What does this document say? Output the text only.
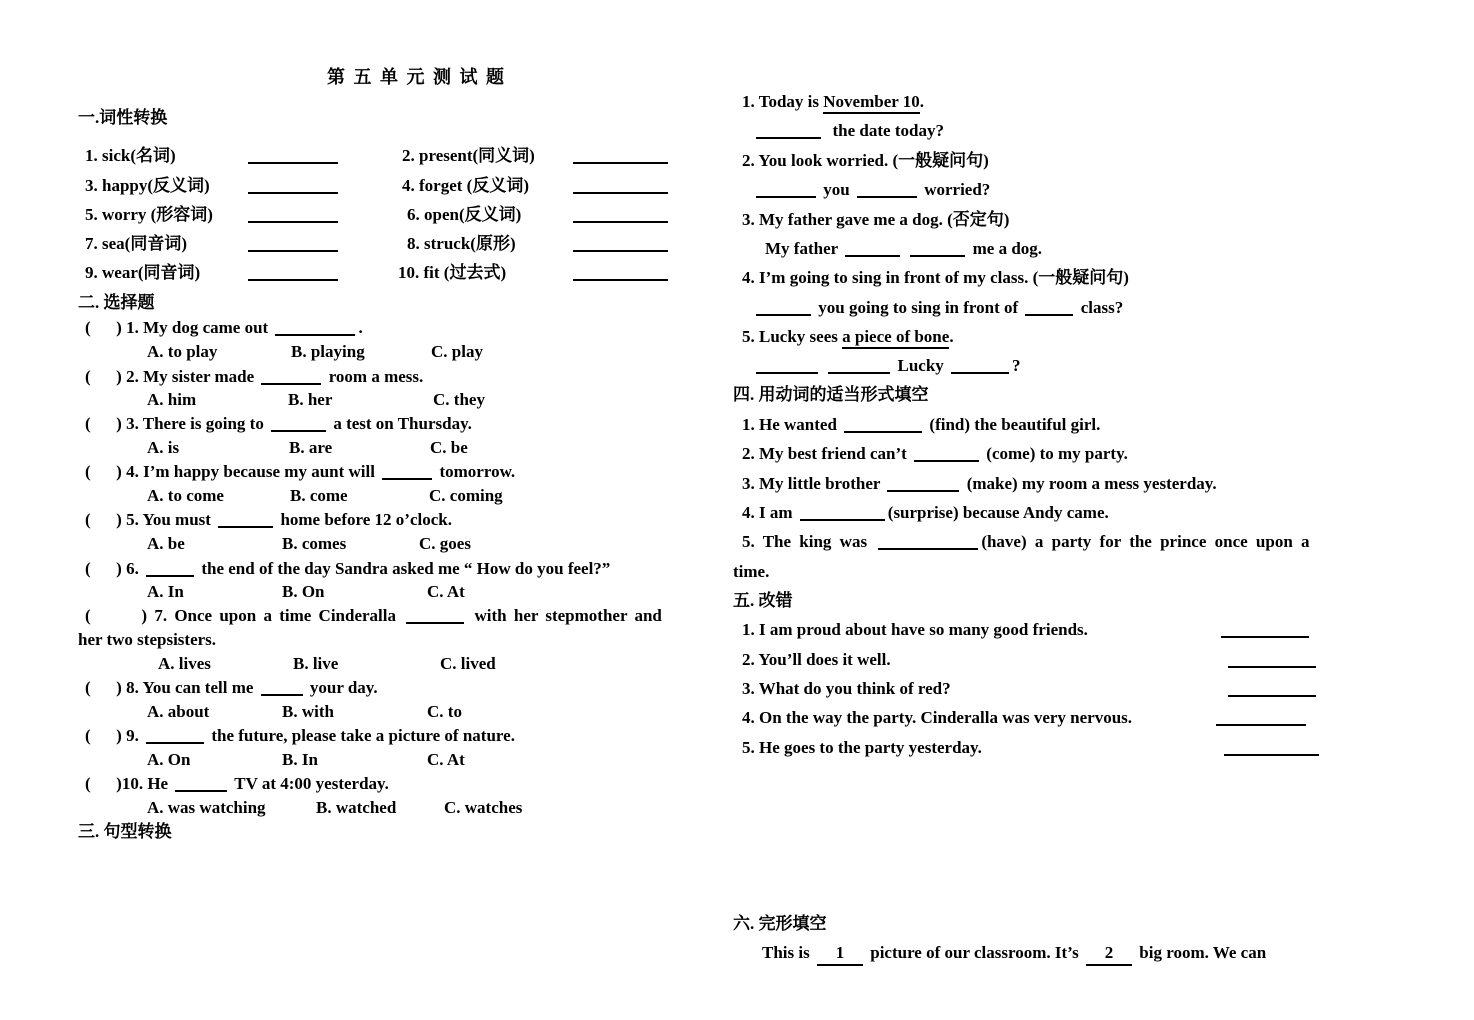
第 五 单 元 测 试 题
一.词性转换
1. sick(名词)	2. present(同义词)
3. happy(反义词)	4. forget (反义词)
5. worry (形容词)	6. open(反义词)
7. sea(同音词)	8. struck(原形)
9. wear(同音词)	10. fit (过去式)
二. 选择题
(      ) 1. My dog came out	.
A. to play	B. playing	C. play
(      ) 2. My sister made	room a mess.
A. him	B. her	C. they
(      ) 3. There is going to	a test on Thursday.
A. is	B. are	C. be
(      ) 4. I’m happy because my aunt will	tomorrow.
A. to come	B. come	C. coming
(      ) 5. You must	home before 12 o’clock.
A. be	B. comes	C. goes
(      ) 6.	the end of the day Sandra asked me “ How do you feel?”
A. In	B. On	C. At
(       ) 7. Once upon a time Cinderalla	with her stepmother and
her two stepsisters.
A. lives	B. live	C. lived
(      ) 8. You can tell me	your day.
A. about	B. with	C. to
(      ) 9.	the future, please take a picture of nature.
A. On	B. In	C. At
(      )10. He	TV at 4:00 yesterday.
A. was watching	B. watched	C. watches
三. 句型转换
1. Today is November 10.
the date today?
2. You look worried. (一般疑问句)
you	worried?
3. My father gave me a dog. (否定句)
My father	me a dog.
4. I’m going to sing in front of my class. (一般疑问句)
you going to sing in front of	class?
5. Lucky sees a piece of bone.
Lucky	?
四. 用动词的适当形式填空
1. He wanted	(find) the beautiful girl.
2. My best friend can’t	(come) to my party.
3. My little brother	(make) my room a mess yesterday.
4. I am	(surprise) because Andy came.
5. The king was	(have) a party for the prince once upon a
time.
五. 改错
1. I am proud about have so many good friends.
2. You’ll does it well.
3. What do you think of red?
4. On the way the party. Cinderalla was very nervous.
5. He goes to the party yesterday.
六. 完形填空
This is 1 picture of our classroom. It’s 2 big room. We can
